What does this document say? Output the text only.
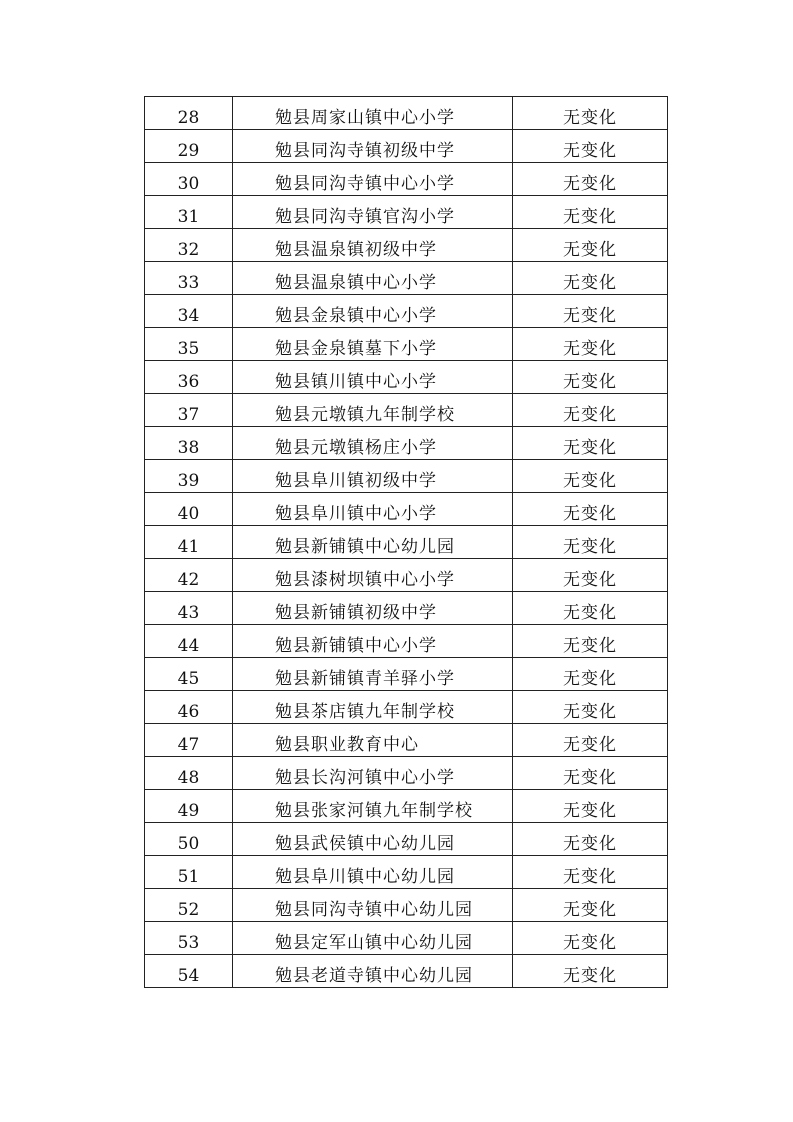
28	勉县周家山镇中心小学	无变化
29	勉县同沟寺镇初级中学	无变化
30	勉县同沟寺镇中心小学	无变化
31	勉县同沟寺镇官沟小学	无变化
32	勉县温泉镇初级中学	无变化
33	勉县温泉镇中心小学	无变化
34	勉县金泉镇中心小学	无变化
35	勉县金泉镇墓下小学	无变化
36	勉县镇川镇中心小学	无变化
37	勉县元墩镇九年制学校	无变化
38	勉县元墩镇杨庄小学	无变化
39	勉县阜川镇初级中学	无变化
40	勉县阜川镇中心小学	无变化
41	勉县新铺镇中心幼儿园	无变化
42	勉县漆树坝镇中心小学	无变化
43	勉县新铺镇初级中学	无变化
44	勉县新铺镇中心小学	无变化
45	勉县新铺镇青羊驿小学	无变化
46	勉县茶店镇九年制学校	无变化
47	勉县职业教育中心	无变化
48	勉县长沟河镇中心小学	无变化
49	勉县张家河镇九年制学校	无变化
50	勉县武侯镇中心幼儿园	无变化
51	勉县阜川镇中心幼儿园	无变化
52	勉县同沟寺镇中心幼儿园	无变化
53	勉县定军山镇中心幼儿园	无变化
54	勉县老道寺镇中心幼儿园	无变化
